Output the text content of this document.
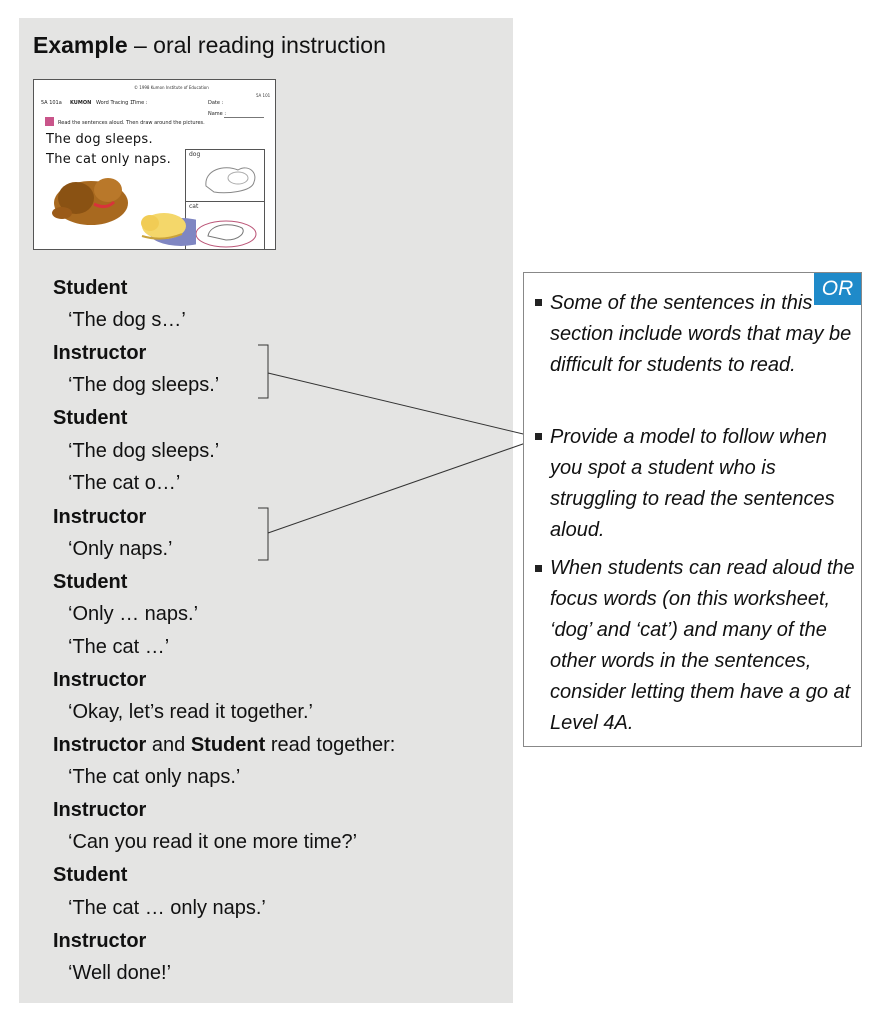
Example – oral reading instruction
© 1998 Kumon Institute of Education
5A 101
5A 101a KUMON Word Tracing 1
Time :	Date :
Name :
Read the sentences aloud. Then draw around the pictures.
The dog sleeps.
The cat only naps.	dog
cat
Student
‘The dog s…’
Instructor
‘The dog sleeps.’
Student
‘The dog sleeps.’
‘The cat o…’
Instructor
‘Only naps.’
Student
‘Only … naps.’
‘The cat …’
Instructor
‘Okay, let’s read it together.’
Instructor and Student read together:
‘The cat only naps.’
Instructor
‘Can you read it one more time?’
Student
‘The cat … only naps.’
Instructor
‘Well done!’
OR
Some of the sentences in this section include words that may be difficult for students to read.
Provide a model to follow when you spot a student who is struggling to read the sentences aloud.
When students can read aloud the focus words (on this worksheet, ‘dog’ and ‘cat’) and many of the other words in the sentences, consider letting them have a go at Level 4A.
